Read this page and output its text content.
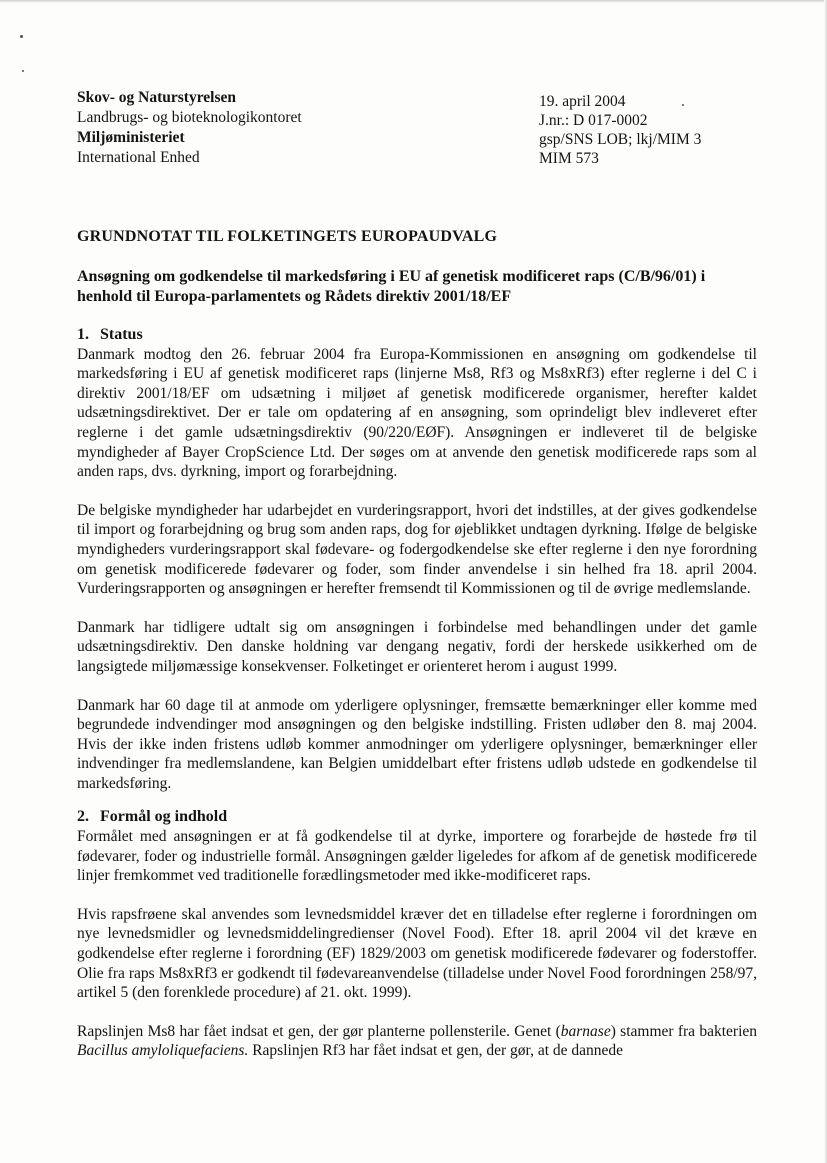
Skov- og Naturstyrelsen
Landbrugs- og bioteknologikontoret
Miljøministeriet
International Enhed
19. april 2004
J.nr.: D 017-0002
gsp/SNS LOB; lkj/MIM 3
MIM 573
GRUNDNOTAT TIL FOLKETINGETS EUROPAUDVALG
Ansøgning om godkendelse til markedsføring i EU af genetisk modificeret raps (C/B/96/01) i henhold til Europa-parlamentets og Rådets direktiv 2001/18/EF

1. Status

Danmark modtog den 26. februar 2004 fra Europa-Kommissionen en ansøgning om godkendelse til markedsføring i EU af genetisk modificeret raps (linjerne Ms8, Rf3 og Ms8xRf3) efter reglerne i del C i direktiv 2001/18/EF om udsætning i miljøet af genetisk modificerede organismer, herefter kaldet udsætningsdirektivet. Der er tale om opdatering af en ansøgning, som oprindeligt blev indleveret efter reglerne i det gamle udsætningsdirektiv (90/220/EØF). Ansøgningen er indleveret til de belgiske myndigheder af Bayer CropScience Ltd. Der søges om at anvende den genetisk modificerede raps som al anden raps, dvs. dyrkning, import og forarbejdning.

De belgiske myndigheder har udarbejdet en vurderingsrapport, hvori det indstilles, at der gives godkendelse til import og forarbejdning og brug som anden raps, dog for øjeblikket undtagen dyrkning. Ifølge de belgiske myndigheders vurderingsrapport skal fødevare- og fodergodkendelse ske efter reglerne i den nye forordning om genetisk modificerede fødevarer og foder, som finder anvendelse i sin helhed fra 18. april 2004. Vurderingsrapporten og ansøgningen er herefter fremsendt til Kommissionen og til de øvrige medlemslande.

Danmark har tidligere udtalt sig om ansøgningen i forbindelse med behandlingen under det gamle udsætningsdirektiv. Den danske holdning var dengang negativ, fordi der herskede usikkerhed om de langsigtede miljømæssige konsekvenser. Folketinget er orienteret herom i august 1999.

Danmark har 60 dage til at anmode om yderligere oplysninger, fremsætte bemærkninger eller komme med begrundede indvendinger mod ansøgningen og den belgiske indstilling. Fristen udløber den 8. maj 2004. Hvis der ikke inden fristens udløb kommer anmodninger om yderligere oplysninger, bemærkninger eller indvendinger fra medlemslandene, kan Belgien umiddelbart efter fristens udløb udstede en godkendelse til markedsføring.

2. Formål og indhold

Formålet med ansøgningen er at få godkendelse til at dyrke, importere og forarbejde de høstede frø til fødevarer, foder og industrielle formål. Ansøgningen gælder ligeledes for afkom af de genetisk modificerede linjer fremkommet ved traditionelle forædlingsmetoder med ikke-modificeret raps.

Hvis rapsfrøene skal anvendes som levnedsmiddel kræver det en tilladelse efter reglerne i forordningen om nye levnedsmidler og levnedsmiddelingredienser (Novel Food). Efter 18. april 2004 vil det kræve en godkendelse efter reglerne i forordning (EF) 1829/2003 om genetisk modificerede fødevarer og foderstoffer. Olie fra raps Ms8xRf3 er godkendt til fødevareanvendelse (tilladelse under Novel Food forordningen 258/97, artikel 5 (den forenklede procedure) af 21. okt. 1999).

Rapslinjen Ms8 har fået indsat et gen, der gør planterne pollensterile. Genet (barnase) stammer fra bakterien Bacillus amyloliquefaciens. Rapslinjen Rf3 har fået indsat et gen, der gør, at de dannede
